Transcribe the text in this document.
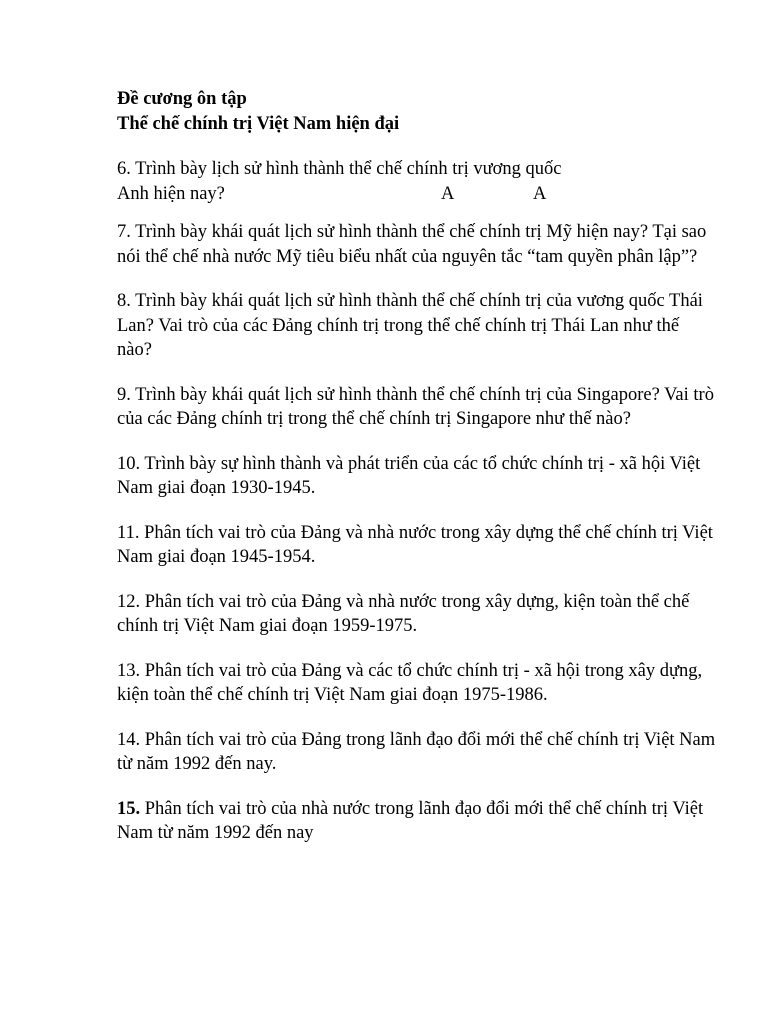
Đề cương ôn tập

Thể chế chính trị Việt Nam hiện đại

6. Trình bày lịch sử hình thành thể chế chính trị vương quốc
Anh hiện nay?	A	A

7. Trình bày khái quát lịch sử hình thành thể chế chính trị Mỹ hiện nay? Tại sao nói thể chế nhà nước Mỹ tiêu biểu nhất của nguyên tắc “tam quyền phân lập”?

8. Trình bày khái quát lịch sử hình thành thể chế chính trị của vương quốc Thái Lan? Vai trò của các Đảng chính trị trong thể chế chính trị Thái Lan như thế nào?

9. Trình bày khái quát lịch sử hình thành thể chế chính trị của Singapore? Vai trò của các Đảng chính trị trong thể chế chính trị Singapore như thế nào?

10. Trình bày sự hình thành và phát triển của các tổ chức chính trị - xã hội Việt Nam giai đoạn 1930-1945.

11. Phân tích vai trò của Đảng và nhà nước trong xây dựng thể chế chính trị Việt Nam giai đoạn 1945-1954.

12. Phân tích vai trò của Đảng và nhà nước trong xây dựng, kiện toàn thể chế  chính trị Việt Nam giai đoạn 1959-1975.

13. Phân tích vai trò của Đảng và các tổ chức chính trị - xã hội trong xây dựng, kiện toàn thể chế chính trị Việt Nam giai đoạn 1975-1986.

14. Phân tích vai trò của Đảng trong lãnh đạo đổi mới thể chế chính trị Việt Nam từ năm 1992 đến nay.

15. Phân tích vai trò của nhà nước trong lãnh đạo đổi mới thể chế chính trị Việt Nam từ năm 1992 đến nay
